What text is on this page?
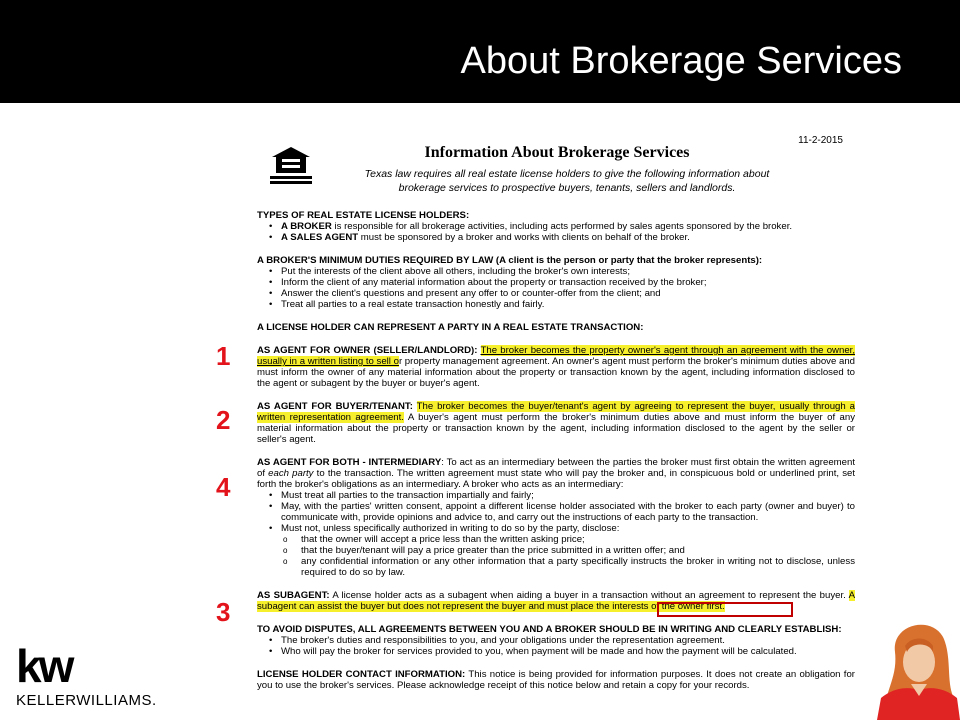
About Brokerage Services
11-2-2015
Information About Brokerage Services
Texas law requires all real estate license holders to give the following information about
brokerage services to prospective buyers, tenants, sellers and landlords.
TYPES OF REAL ESTATE LICENSE HOLDERS:
• A BROKER is responsible for all brokerage activities, including acts performed by sales agents sponsored by the broker.
• A SALES AGENT must be sponsored by a broker and works with clients on behalf of the broker.
A BROKER'S MINIMUM DUTIES REQUIRED BY LAW (A client is the person or party that the broker represents):
• Put the interests of the client above all others, including the broker's own interests;
• Inform the client of any material information about the property or transaction received by the broker;
• Answer the client's questions and present any offer to or counter-offer from the client; and
• Treat all parties to a real estate transaction honestly and fairly.
A LICENSE HOLDER CAN REPRESENT A PARTY IN A REAL ESTATE TRANSACTION:
AS AGENT FOR OWNER (SELLER/LANDLORD): The broker becomes the property owner's agent through an agreement with the owner, usually in a written listing to sell or property management agreement. An owner's agent must perform the broker's minimum duties above and must inform the owner of any material information about the property or transaction known by the agent, including information disclosed to the agent or subagent by the buyer or buyer's agent.
AS AGENT FOR BUYER/TENANT: The broker becomes the buyer/tenant's agent by agreeing to represent the buyer, usually through a written representation agreement. A buyer's agent must perform the broker's minimum duties above and must inform the buyer of any material information about the property or transaction known by the agent, including information disclosed to the agent by the seller or seller's agent.
AS AGENT FOR BOTH - INTERMEDIARY: To act as an intermediary between the parties the broker must first obtain the written agreement of each party to the transaction. The written agreement must state who will pay the broker and, in conspicuous bold or underlined print, set forth the broker's obligations as an intermediary. A broker who acts as an intermediary:
• Must treat all parties to the transaction impartially and fairly;
• May, with the parties' written consent, appoint a different license holder associated with the broker to each party (owner and buyer) to communicate with, provide opinions and advice to, and carry out the instructions of each party to the transaction.
• Must not, unless specifically authorized in writing to do so by the party, disclose:
o that the owner will accept a price less than the written asking price;
o that the buyer/tenant will pay a price greater than the price submitted in a written offer; and
o any confidential information or any other information that a party specifically instructs the broker in writing not to disclose, unless required to do so by law.
AS SUBAGENT: A license holder acts as a subagent when aiding a buyer in a transaction without an agreement to represent the buyer. A subagent can assist the buyer but does not represent the buyer and must place the interests of the owner first.
TO AVOID DISPUTES, ALL AGREEMENTS BETWEEN YOU AND A BROKER SHOULD BE IN WRITING AND CLEARLY ESTABLISH:
• The broker's duties and responsibilities to you, and your obligations under the representation agreement.
• Who will pay the broker for services provided to you, when payment will be made and how the payment will be calculated.
LICENSE HOLDER CONTACT INFORMATION: This notice is being provided for information purposes. It does not create an obligation for you to use the broker's services. Please acknowledge receipt of this notice below and retain a copy for your records.
1
2
4
3
kw
KELLERWILLIAMS.
